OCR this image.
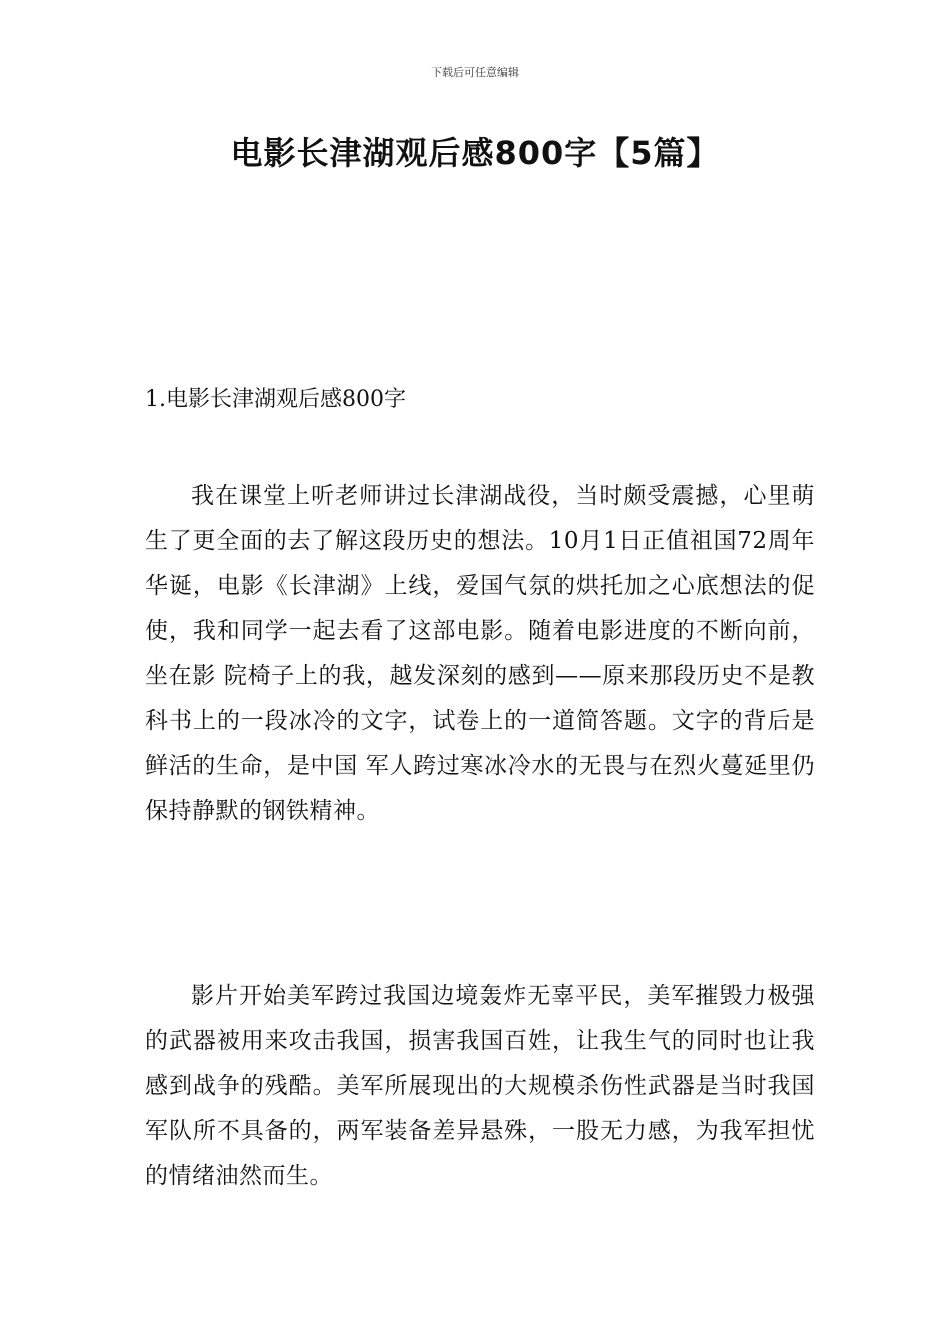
下载后可任意编辑
电影长津湖观后感800字【5篇】
1.电影长津湖观后感800字

我在课堂上听老师讲过长津湖战役，当时颇受震撼，心里萌生了更全面的去了解这段历史的想法。10月1日正值祖国72周年华诞，电影《长津湖》上线，爱国气氛的烘托加之心底想法的促使，我和同学一起去看了这部电影。随着电影进度的不断向前，坐在影 院椅子上的我，越发深刻的感到——原来那段历史不是教科书上的一段冰冷的文字，试卷上的一道简答题。文字的背后是鲜活的生命，是中国 军人跨过寒冰冷水的无畏与在烈火蔓延里仍保持静默的钢铁精神。

影片开始美军跨过我国边境轰炸无辜平民，美军摧毁力极强的武器被用来攻击我国，损害我国百姓，让我生气的同时也让我感到战争的残酷。美军所展现出的大规模杀伤性武器是当时我国 军队所不具备的，两军装备差异悬殊，一股无力感，为我军担忧的情绪油然而生。
